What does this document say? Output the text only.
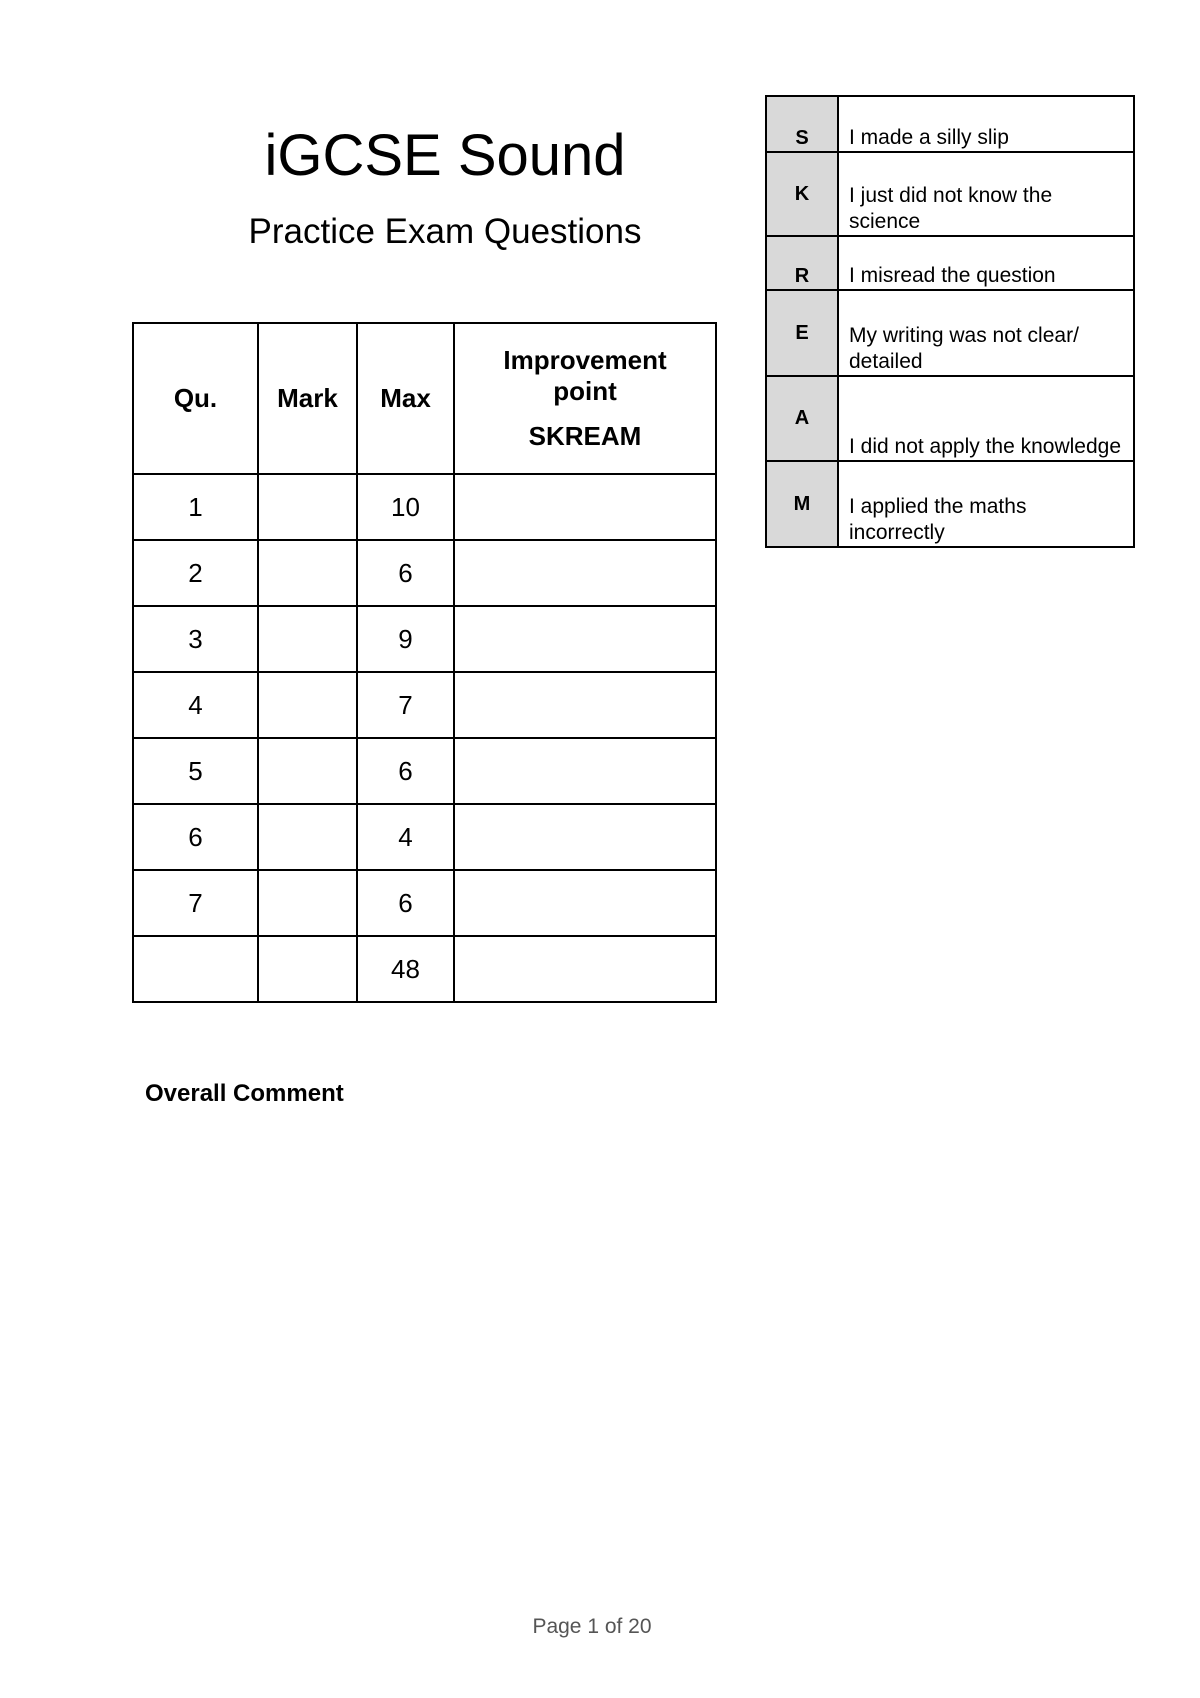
iGCSE Sound
Practice Exam Questions
Qu.	Mark	Max	Improvement
point
SKREAM

1		10	
2		6	
3		9	
4		7	
5		6	
6		4	
7		6	
		48	
S	I made a silly slip
K	I just did not know the science
R	I misread the question
E	My writing was not clear/ detailed
A	I did not apply the knowledge
M	I applied the maths incorrectly
Overall Comment
Page 1 of 20
